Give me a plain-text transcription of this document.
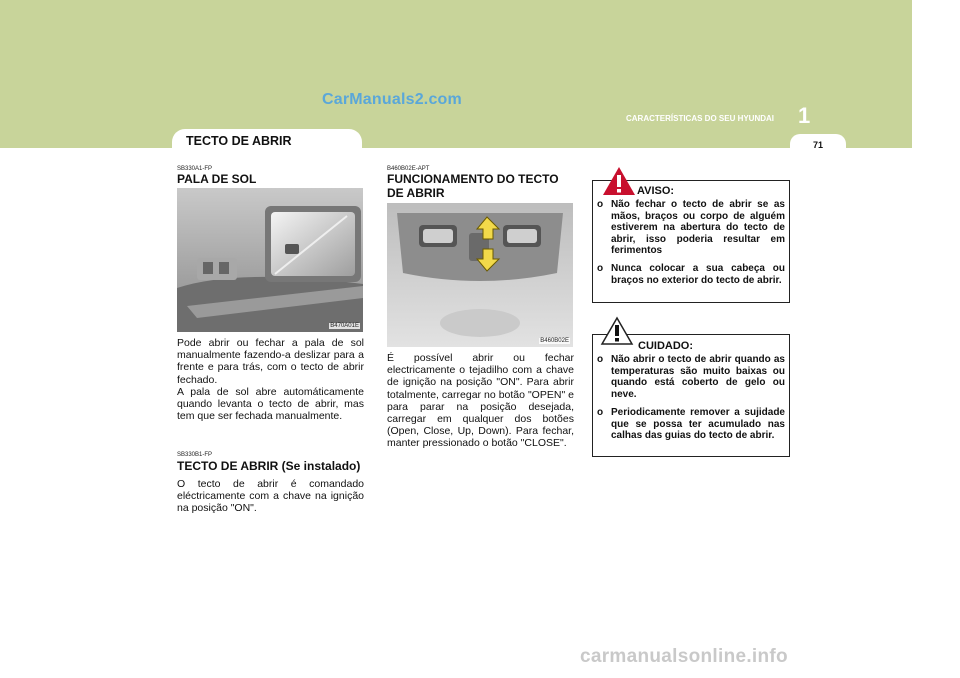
CarManuals2.com
CARACTERÍSTICAS DO SEU HYUNDAI 1
71
TECTO DE ABRIR
SB330A1-FP
PALA DE SOL
B470A01E
Pode abrir ou fechar a pala de sol manualmente fazendo-a deslizar para a frente e para trás, com o tecto de abrir fechado.
A pala de sol abre automáticamente quando levanta o tecto de abrir, mas tem que ser fechada manualmente.
SB330B1-FP
TECTO DE ABRIR (Se instalado)
O tecto de abrir é comandado eléctricamente com a chave na ignição na posição "ON".
B460B02E-APT
FUNCIONAMENTO DO TECTO
DE ABRIR
B460B02E
É possível abrir ou fechar electricamente o tejadilho com a chave de ignição na posição "ON". Para abrir totalmente, carregar no botão "OPEN" e para parar na posição desejada, carregar em qualquer dos botões (Open, Close, Up, Down). Para fechar, manter pressionado o botão "CLOSE".
AVISO:
o Não fechar o tecto de abrir se as mãos, braços ou corpo de alguém estiverem na abertura do tecto de abrir, isso poderia resultar em ferimentos
o Nunca colocar a sua cabeça ou braços no exterior do tecto de abrir.
CUIDADO:
o Não abrir o tecto de abrir quando as temperaturas são muito baixas ou quando está coberto de gelo ou neve.
o Periodicamente remover a sujidade que se possa ter acumulado nas calhas das guias do tecto de abrir.
carmanualsonline.info
